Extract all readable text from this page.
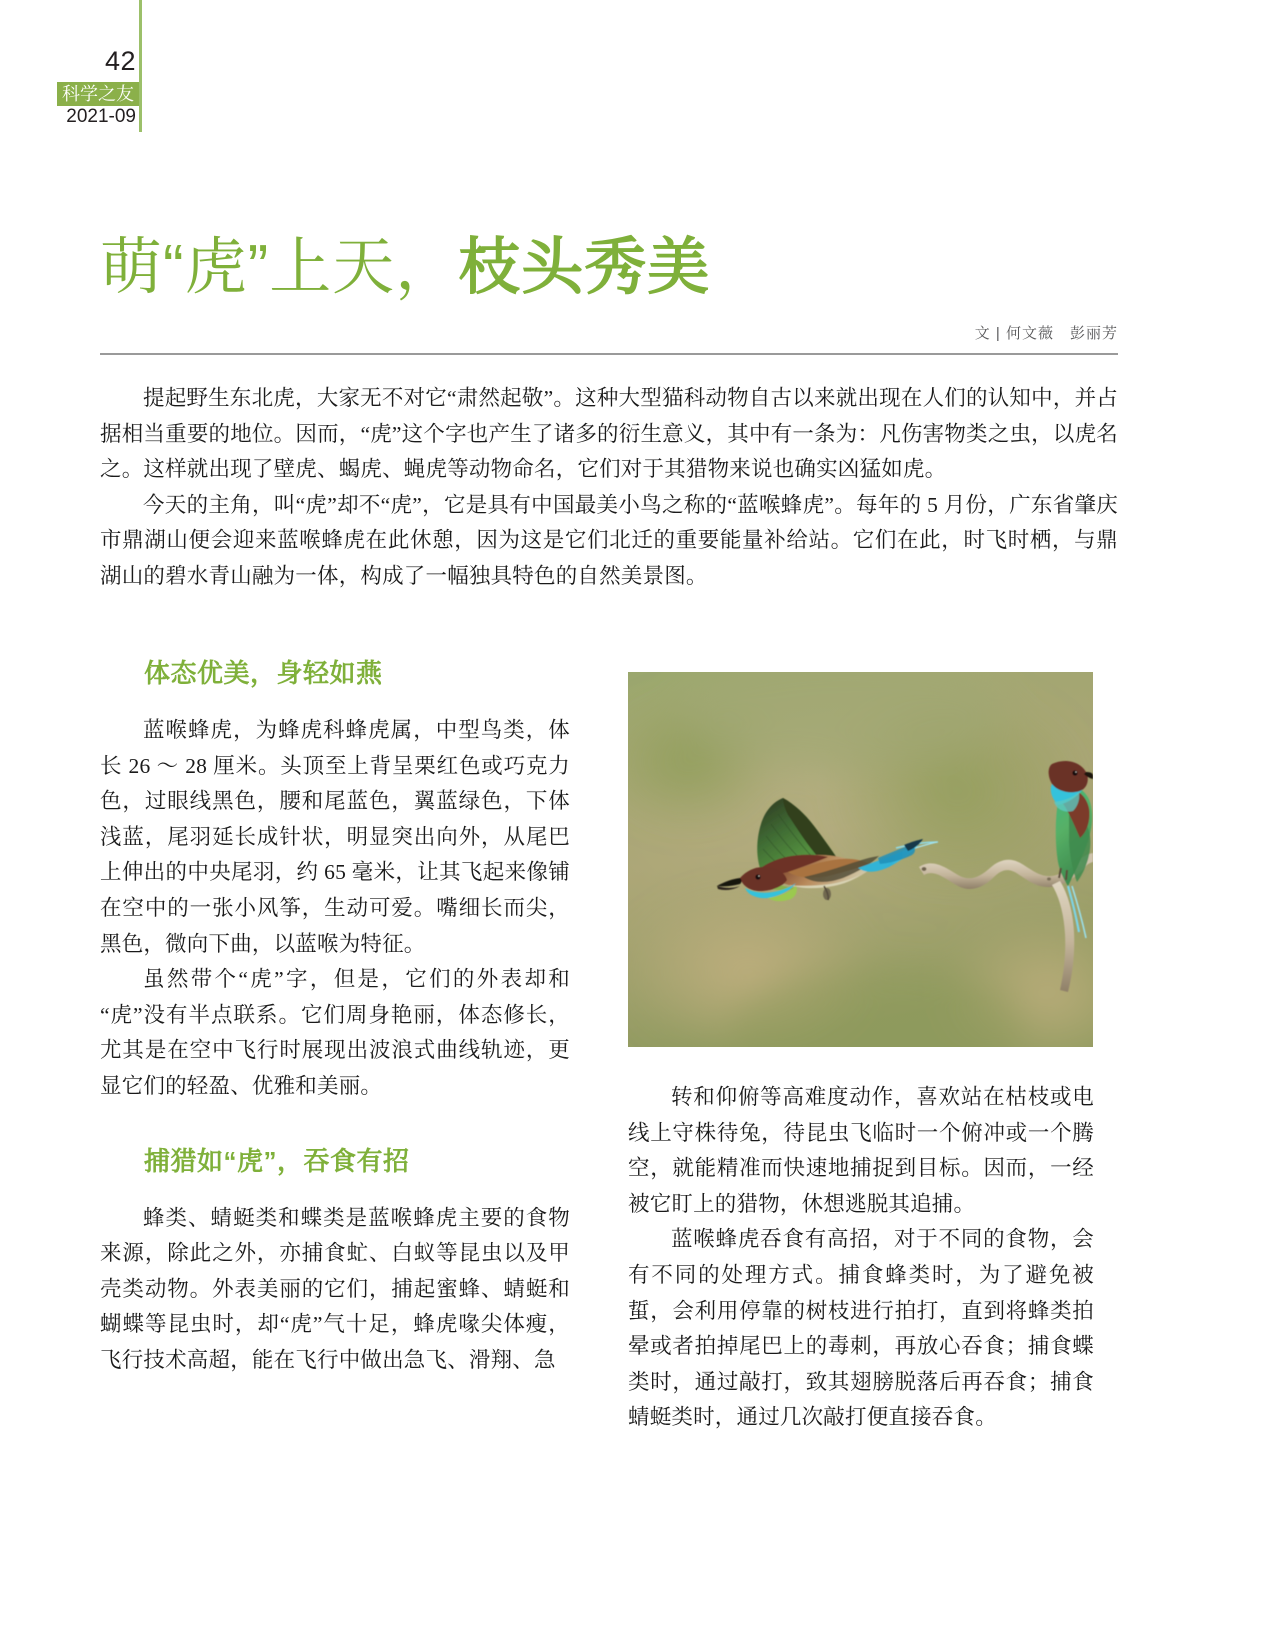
42
科学之友
2021-09
萌“虎”上天，枝头秀美
文 | 何文薇　彭丽芳

提起野生东北虎，大家无不对它“肃然起敬”。这种大型猫科动物自古以来就出现在人们的认知中，并占据相当重要的地位。因而，“虎”这个字也产生了诸多的衍生意义，其中有一条为：凡伤害物类之虫，以虎名之。这样就出现了壁虎、蝎虎、蝇虎等动物命名，它们对于其猎物来说也确实凶猛如虎。

今天的主角，叫“虎”却不“虎”，它是具有中国最美小鸟之称的“蓝喉蜂虎”。每年的 5 月份，广东省肇庆市鼎湖山便会迎来蓝喉蜂虎在此休憩，因为这是它们北迁的重要能量补给站。它们在此，时飞时栖，与鼎湖山的碧水青山融为一体，构成了一幅独具特色的自然美景图。

体态优美，身轻如燕

蓝喉蜂虎，为蜂虎科蜂虎属，中型鸟类，体长 26 ～ 28 厘米。头顶至上背呈栗红色或巧克力色，过眼线黑色，腰和尾蓝色，翼蓝绿色，下体浅蓝，尾羽延长成针状，明显突出向外，从尾巴上伸出的中央尾羽，约 65 毫米，让其飞起来像铺在空中的一张小风筝，生动可爱。嘴细长而尖，黑色，微向下曲，以蓝喉为特征。

虽然带个“虎”字，但是，它们的外表却和“虎”没有半点联系。它们周身艳丽，体态修长，尤其是在空中飞行时展现出波浪式曲线轨迹，更显它们的轻盈、优雅和美丽。

捕猎如“虎”，吞食有招

蜂类、蜻蜓类和蝶类是蓝喉蜂虎主要的食物来源，除此之外，亦捕食虻、白蚁等昆虫以及甲壳类动物。外表美丽的它们，捕起蜜蜂、蜻蜓和蝴蝶等昆虫时，却“虎”气十足，蜂虎喙尖体瘦，飞行技术高超，能在飞行中做出急飞、滑翔、急

转和仰俯等高难度动作，喜欢站在枯枝或电线上守株待兔，待昆虫飞临时一个俯冲或一个腾空，就能精准而快速地捕捉到目标。因而，一经被它盯上的猎物，休想逃脱其追捕。

蓝喉蜂虎吞食有高招，对于不同的食物，会有不同的处理方式。捕食蜂类时，为了避免被蜇，会利用停靠的树枝进行拍打，直到将蜂类拍晕或者拍掉尾巴上的毒刺，再放心吞食；捕食蝶类时，通过敲打，致其翅膀脱落后再吞食；捕食蜻蜓类时，通过几次敲打便直接吞食。
